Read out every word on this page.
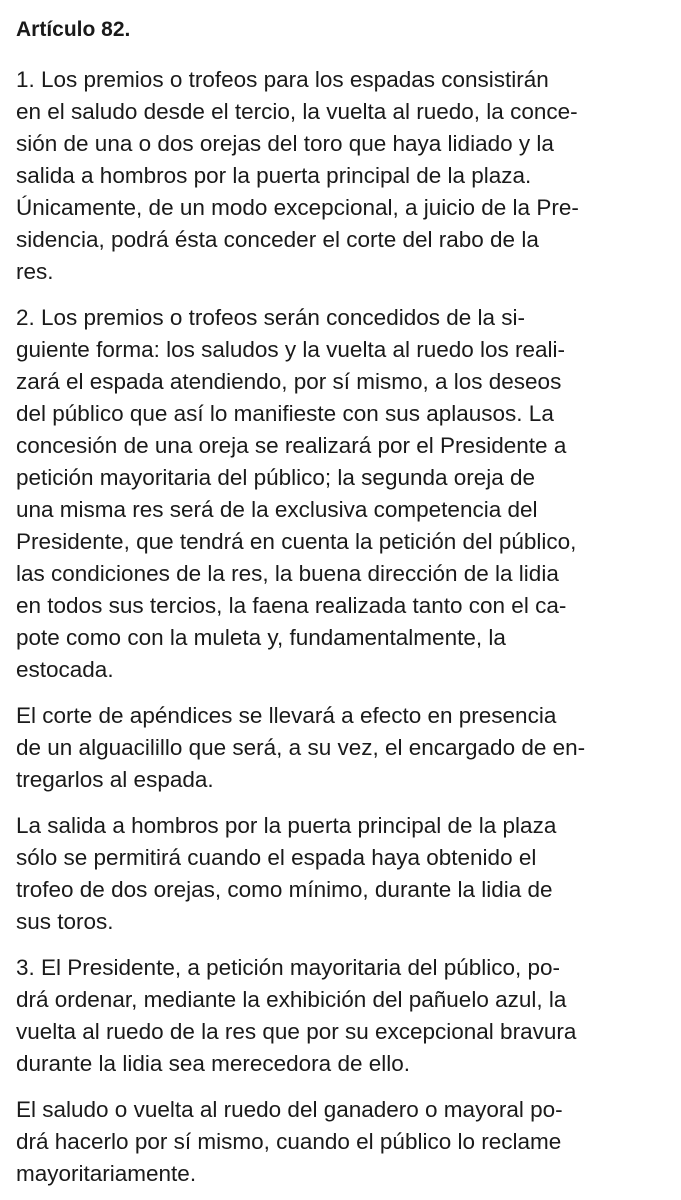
Artículo 82.

1. Los premios o trofeos para los espadas consistirán
en el saludo desde el tercio, la vuelta al ruedo, la conce-
sión de una o dos orejas del toro que haya lidiado y la
salida a hombros por la puerta principal de la plaza.
Únicamente, de un modo excepcional, a juicio de la Pre-
sidencia, podrá ésta conceder el corte del rabo de la
res.

2. Los premios o trofeos serán concedidos de la si-
guiente forma: los saludos y la vuelta al ruedo los reali-
zará el espada atendiendo, por sí mismo, a los deseos
del público que así lo manifieste con sus aplausos. La
concesión de una oreja se realizará por el Presidente a
petición mayoritaria del público; la segunda oreja de
una misma res será de la exclusiva competencia del
Presidente, que tendrá en cuenta la petición del público,
las condiciones de la res, la buena dirección de la lidia
en todos sus tercios, la faena realizada tanto con el ca-
pote como con la muleta y, fundamentalmente, la
estocada.

El corte de apéndices se llevará a efecto en presencia
de un alguacilillo que será, a su vez, el encargado de en-
tregarlos al espada.

La salida a hombros por la puerta principal de la plaza
sólo se permitirá cuando el espada haya obtenido el
trofeo de dos orejas, como mínimo, durante la lidia de
sus toros.

3. El Presidente, a petición mayoritaria del público, po-
drá ordenar, mediante la exhibición del pañuelo azul, la
vuelta al ruedo de la res que por su excepcional bravura
durante la lidia sea merecedora de ello.

El saludo o vuelta al ruedo del ganadero o mayoral po-
drá hacerlo por sí mismo, cuando el público lo reclame
mayoritariamente.
